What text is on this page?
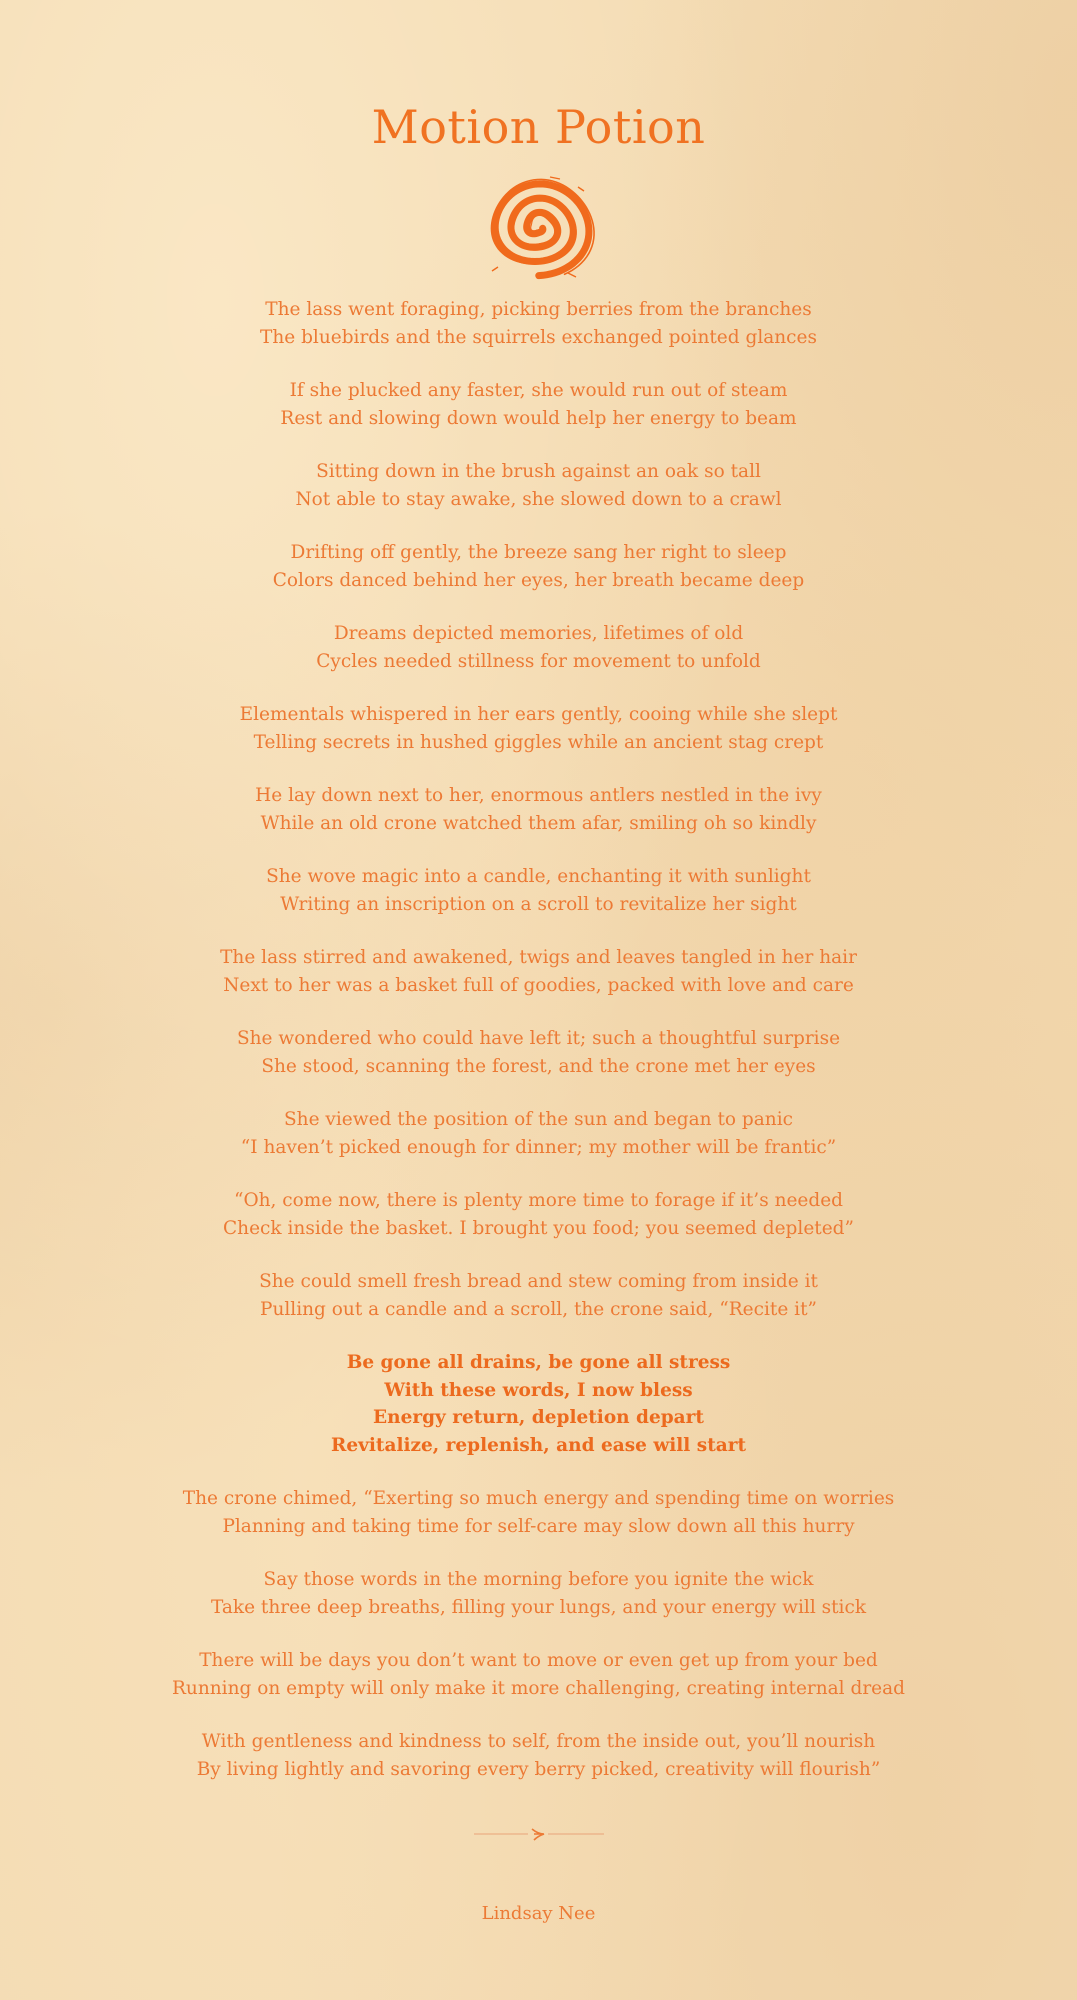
Motion Potion
The lass went foraging, picking berries from the branches
The bluebirds and the squirrels exchanged pointed glances
If she plucked any faster, she would run out of steam
Rest and slowing down would help her energy to beam
Sitting down in the brush against an oak so tall
Not able to stay awake, she slowed down to a crawl
Drifting off gently, the breeze sang her right to sleep
Colors danced behind her eyes, her breath became deep
Dreams depicted memories, lifetimes of old
Cycles needed stillness for movement to unfold
Elementals whispered in her ears gently, cooing while she slept
Telling secrets in hushed giggles while an ancient stag crept
He lay down next to her, enormous antlers nestled in the ivy
While an old crone watched them afar, smiling oh so kindly
She wove magic into a candle, enchanting it with sunlight
Writing an inscription on a scroll to revitalize her sight
The lass stirred and awakened, twigs and leaves tangled in her hair
Next to her was a basket full of goodies, packed with love and care
She wondered who could have left it; such a thoughtful surprise
She stood, scanning the forest, and the crone met her eyes
She viewed the position of the sun and began to panic
“I haven’t picked enough for dinner; my mother will be frantic”
“Oh, come now, there is plenty more time to forage if it’s needed
Check inside the basket. I brought you food; you seemed depleted”
She could smell fresh bread and stew coming from inside it
Pulling out a candle and a scroll, the crone said, “Recite it”
Be gone all drains, be gone all stress
With these words, I now bless
Energy return, depletion depart
Revitalize, replenish, and ease will start
The crone chimed, “Exerting so much energy and spending time on worries
Planning and taking time for self-care may slow down all this hurry
Say those words in the morning before you ignite the wick
Take three deep breaths, filling your lungs, and your energy will stick
There will be days you don’t want to move or even get up from your bed
Running on empty will only make it more challenging, creating internal dread
With gentleness and kindness to self, from the inside out, you’ll nourish
By living lightly and savoring every berry picked, creativity will flourish”
Lindsay Nee
